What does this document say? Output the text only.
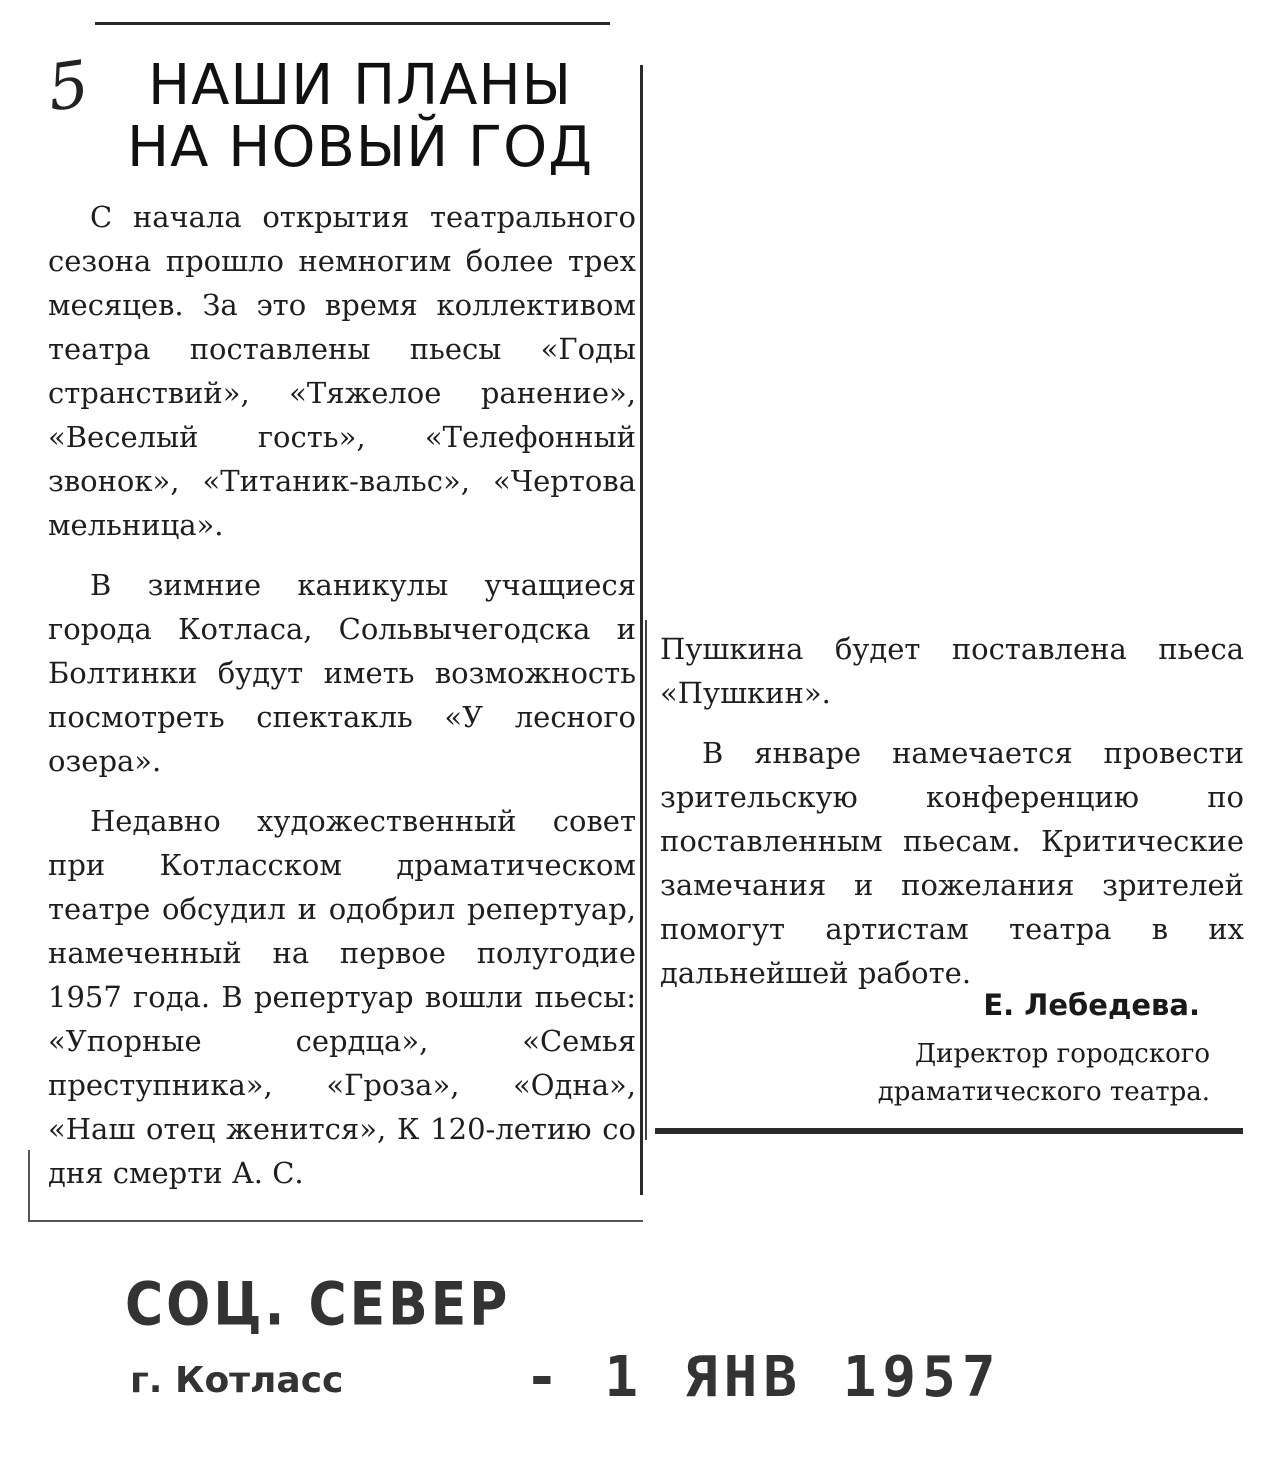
5 НАШИ ПЛАНЫ
НА НОВЫЙ ГОД

С начала открытия театрального сезона прошло немногим более трех месяцев. За это время коллективом театра поставлены пьесы «Годы странствий», «Тяжелое ранение», «Веселый гость», «Телефонный звонок», «Титаник-вальс», «Чертова мельница».

В зимние каникулы учащиеся города Котласа, Сольвычегодска и Болтинки будут иметь возможность посмотреть спектакль «У лесного озера».

Недавно художественный совет при Котласском драматическом театре обсудил и одобрил репертуар, намеченный на первое полугодие 1957 года. В репертуар вошли пьесы: «Упорные сердца», «Семья преступника», «Гроза», «Одна», «Наш отец женится», К 120-летию со дня смерти А. С.

Пушкина будет поставлена пьеса «Пушкин».

В январе намечается провести зрительскую конференцию по поставленным пьесам. Критические замечания и пожелания зрителей помогут артистам театра в их дальнейшей работе.

Е. Лебедева.
Директор городского
драматического театра.
СОЦ. СЕВЕР
г. Котласс	- 1 ЯНВ 1957
